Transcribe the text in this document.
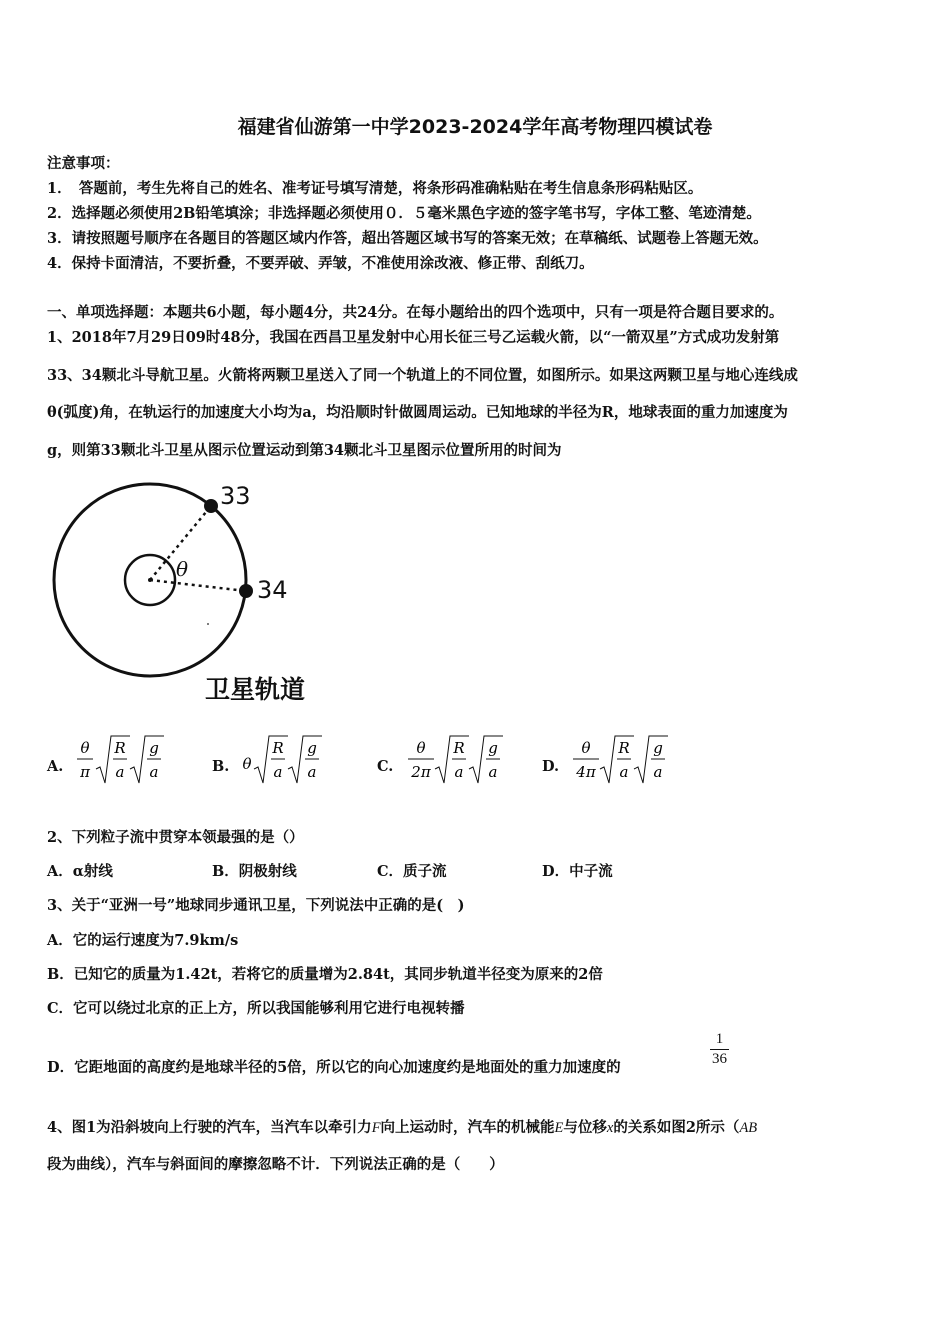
福建省仙游第一中学2023-2024学年高考物理四模试卷
注意事项：
1．　答题前，考生先将自己的姓名、准考证号填写清楚，将条形码准确粘贴在考生信息条形码粘贴区。
2．选择题必须使用2B铅笔填涂；非选择题必须使用０．５毫米黑色字迹的签字笔书写，字体工整、笔迹清楚。
3．请按照题号顺序在各题目的答题区域内作答，超出答题区域书写的答案无效；在草稿纸、试题卷上答题无效。
4．保持卡面清洁，不要折叠，不要弄破、弄皱，不准使用涂改液、修正带、刮纸刀。
一、单项选择题：本题共6小题，每小题4分，共24分。在每小题给出的四个选项中，只有一项是符合题目要求的。
1、2018年7月29日09时48分，我国在西昌卫星发射中心用长征三号乙运载火箭，以“一箭双星”方式成功发射第
33、34颗北斗导航卫星。火箭将两颗卫星送入了同一个轨道上的不同位置，如图所示。如果这两颗卫星与地心连线成
θ(弧度)角，在轨运行的加速度大小均为a，均沿顺时针做圆周运动。已知地球的半径为R，地球表面的重力加速度为
g，则第33颗北斗卫星从图示位置运动到第34颗北斗卫星图示位置所用的时间为
33
34
θ
卫星轨道
A.
θ
π
R
a
g
a	B. θ
R
a
g
a	C.
θ
2π
R
a
g
a	D.
θ
4π
R
a
g
a
2、下列粒子流中贯穿本领最强的是（）
A．α射线	B．阴极射线	C．质子流	D．中子流
3、关于“亚洲一号”地球同步通讯卫星，下列说法中正确的是(　)
A．它的运行速度为7.9km/s
B．已知它的质量为1.42t，若将它的质量增为2.84t，其同步轨道半径变为原来的2倍
C．它可以绕过北京的正上方，所以我国能够利用它进行电视转播
D．它距地面的高度约是地球半径的5倍，所以它的向心加速度约是地面处的重力加速度的	$\frac{1}{36}$
4、图1为沿斜坡向上行驶的汽车，当汽车以牵引力F向上运动时，汽车的机械能E与位移x的关系如图2所示（AB
段为曲线），汽车与斜面间的摩擦忽略不计．下列说法正确的是（　　）
